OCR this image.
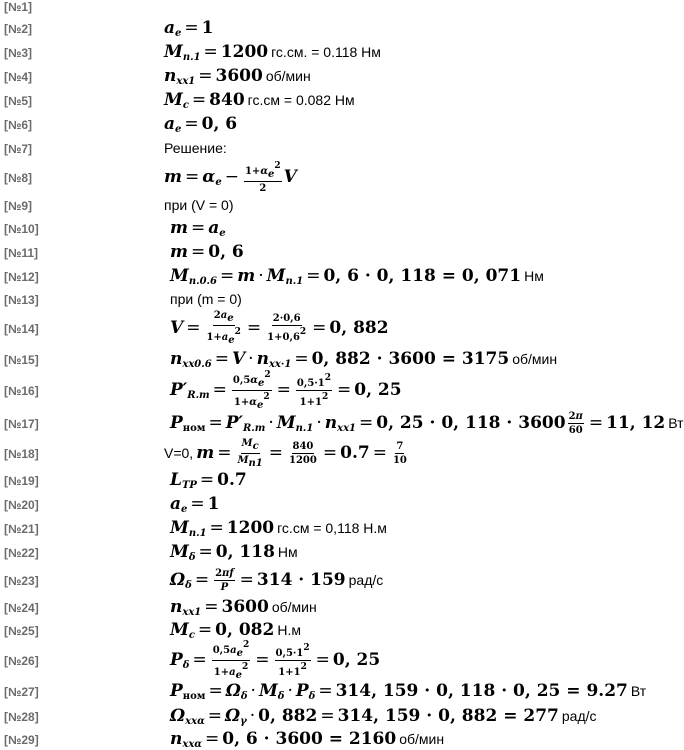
[№1]
[№2]	$a_e = 1$
[№3]	$M_{n.1} = 1200$ гс.см. = 0.118 Нм
[№4]	$n_{xx1} = 3600$ об/мин
[№5]	$M_c = 840$ гс.см = 0.082 Нм
[№6]	$a_e = 0$, 6
[№7]	Решение:
[№8]	$m = \alpha_e - \frac{1+\alpha_e^2}{2}$ V
[№9]	при (V = 0)
[№10]	$m = a_e$
[№11]	m = 0, 6
[№12]	$M_{n.0.6} = m \cdot M_{n.1} = 0$, 6 · 0, 118 = 0, 071 Нм
[№13]	при (m = 0)
[№14]	$V = \frac{2a_e}{1+a_e^2} = \frac{2\cdot 0,6}{1+0,6^2} = 0$, 882
[№15]	$n_{xx0.6} = V \cdot n_{xx\cdot 1} = 0$, 882 · 3600 = 3175 об/мин
[№16]	$P'_{R.m} = \frac{0,5\alpha_e^2}{1+\alpha_e^2} = \frac{0,5\cdot 1^2}{1+1^2} = 0$, 25
[№17]	$P_{ном} = P'_{R.m} \cdot M_{n.1} \cdot n_{xx1} = 0$, 25 · 0, $118 \cdot 3600 \frac{2\pi}{60} = 11$, 12 Вт
[№18]	V=0, $m = \frac{M_c}{M_{n1}} = \frac{840}{1200} = 0.7 = \frac{7}{10}$
[№19]	$L_{TP} = 0.7$
[№20]	$a_e = 1$
[№21]	$M_{n.1} = 1200$ гс.см = 0,118 Н.м
[№22]	$M_\delta = 0$, 118 Нм
[№23]	$\Omega_\delta = \frac{2\pi f}{P} = 314 \cdot 159$ рад/с
[№24]	$n_{xx1} = 3600$ об/мин
[№25]	$M_c = 0$, 082 Н.м
[№26]	$P_\delta = \frac{0,5a_e^2}{1+a_e^2} = \frac{0,5\cdot 1^2}{1+1^2} = 0$, 25
[№27]	$P_{ном} = \Omega_\delta \cdot M_\delta \cdot P_\delta = 314$, 159 · 0, 118 · 0, 25 = 9.27 Вт
[№28]	$\Omega_{xx\alpha} = \Omega_\gamma \cdot 0$, 882 = 314, 159 · 0, 882 = 277 рад/с
[№29]	$n_{xx\alpha} = 0$, 6 · 3600 = 2160 об/мин
